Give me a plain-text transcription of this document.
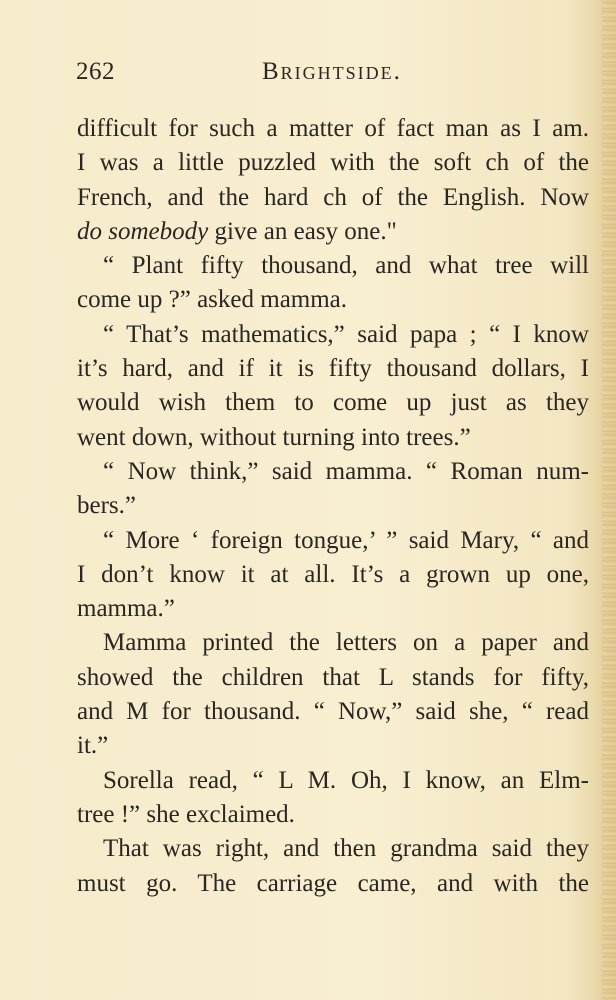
262	Brightside.
difficult for such a matter of fact man as I am.
I was a little puzzled with the soft ch of the
French, and the hard ch of the English. Now
do somebody give an easy one."
“ Plant fifty thousand, and what tree will
come up ?” asked mamma.
“ That’s mathematics,” said papa ; “ I know
it’s hard, and if it is fifty thousand dollars, I
would wish them to come up just as they
went down, without turning into trees.”
“ Now think,” said mamma. “ Roman num-
bers.”
“ More ‘ foreign tongue,’ ” said Mary, “ and
I don’t know it at all. It’s a grown up one,
mamma.”
Mamma printed the letters on a paper and
showed the children that L stands for fifty,
and M for thousand. “ Now,” said she, “ read
it.”
Sorella read, “ L M. Oh, I know, an Elm-
tree !” she exclaimed.
That was right, and then grandma said they
must go. The carriage came, and with the
